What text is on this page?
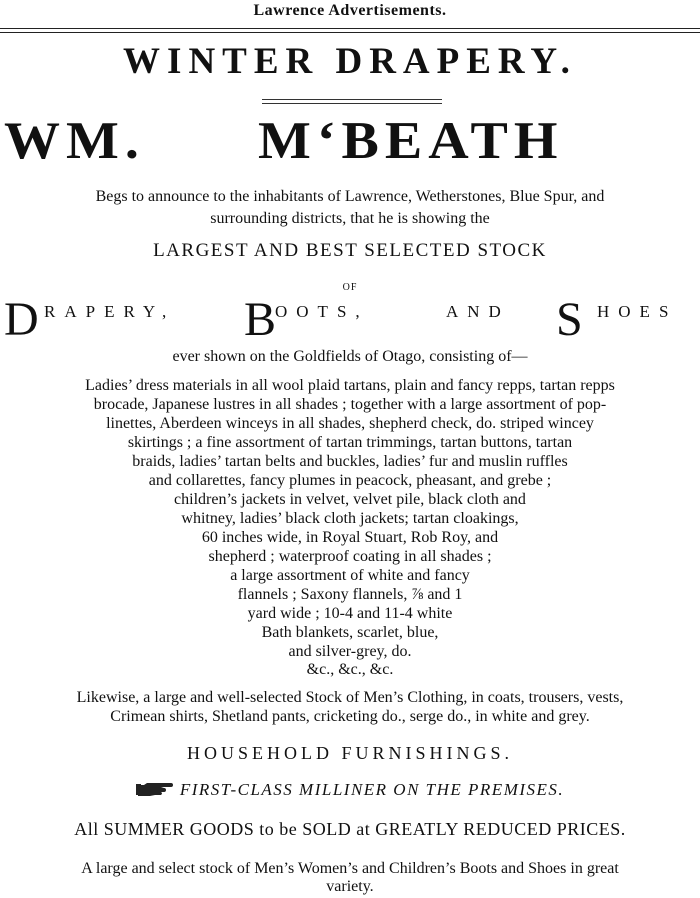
Lawrence Advertisements.
WINTER DRAPERY.
WM. M‘BEATH
Begs to announce to the inhabitants of Lawrence, Wetherstones, Blue Spur, and
surrounding districts, that he is showing the
LARGEST AND BEST SELECTED STOCK
OF
D RAPERY, B
OOTS,	AND S HOES
ever shown on the Goldfields of Otago, consisting of—
Ladies’ dress materials in all wool plaid tartans, plain and fancy repps, tartan repps
brocade, Japanese lustres in all shades ; together with a large assortment of pop-
linettes, Aberdeen winceys in all shades, shepherd check, do. striped wincey
skirtings ; a fine assortment of tartan trimmings, tartan buttons, tartan
braids, ladies’ tartan belts and buckles, ladies’ fur and muslin ruffles
and collarettes, fancy plumes in peacock, pheasant, and grebe ;
children’s jackets in velvet, velvet pile, black cloth and
whitney, ladies’ black cloth jackets; tartan cloakings,
60 inches wide, in Royal Stuart, Rob Roy, and
shepherd ; waterproof coating in all shades ;
a large assortment of white and fancy
flannels ; Saxony flannels, ⅞ and 1
yard wide ; 10-4 and 11-4 white
Bath blankets, scarlet, blue,
and silver-grey, do.
&c., &c., &c.
Likewise, a large and well-selected Stock of Men’s Clothing, in coats, trousers, vests,
Crimean shirts, Shetland pants, cricketing do., serge do., in white and grey.
HOUSEHOLD FURNISHINGS.
FIRST-CLASS MILLINER ON THE PREMISES.
All SUMMER GOODS to be SOLD at GREATLY REDUCED PRICES.
A large and select stock of Men’s Women’s and Children’s Boots and Shoes in great
variety.
